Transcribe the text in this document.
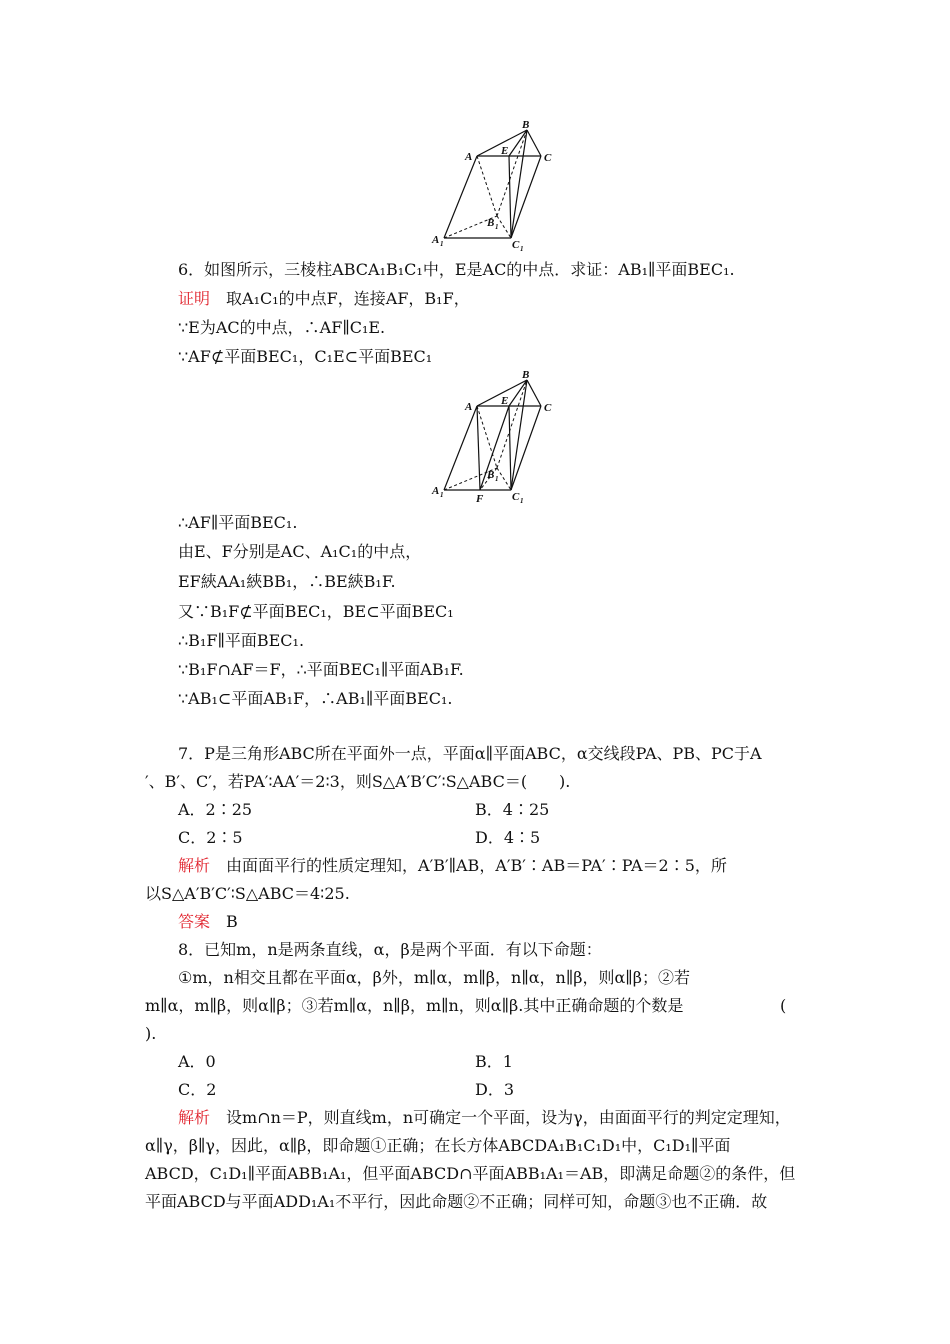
A
B
C
E
A 1
B 1
C 1
6．如图所示，三棱柱ABCA₁B₁C₁中，E是AC的中点．求证：AB₁∥平面BEC₁.
证明　 取A₁C₁的中点F，连接AF，B₁F，
∵E为AC的中点，∴AF∥C₁E.
∵AF⊄平面BEC₁，C₁E⊂平面BEC₁
A
B
C
E
F
A 1
B 1
C 1
∴AF∥平面BEC₁.
由E、F分别是AC、A₁C₁的中点，
EF綊AA₁綊BB₁，∴BE綊B₁F.
又∵B₁F⊄平面BEC₁，BE⊂平面BEC₁
∴B₁F∥平面BEC₁.
∵B₁F∩AF＝F，∴平面BEC₁∥平面AB₁F.
∵AB₁⊂平面AB₁F，∴AB₁∥平面BEC₁.
7．P是三角形ABC所在平面外一点，平面α∥平面ABC，α交线段PA、PB、PC于A
′、B′、C′，若PA′∶AA′＝2∶3，则S△A′B′C′∶S△ABC＝(　　).
A．2∶25	B．4∶25
C．2∶5	D．4∶5
解析　 由面面平行的性质定理知，A′B′∥AB，A′B′∶AB＝PA′∶PA＝2∶5，所
以S△A′B′C′∶S△ABC＝4∶25.
答案　 B
8．已知m，n是两条直线，α，β是两个平面．有以下命题：
①m，n相交且都在平面α，β外，m∥α，m∥β，n∥α，n∥β，则α∥β；②若
m∥α，m∥β，则α∥β；③若m∥α，n∥β，m∥n，则α∥β.其中正确命题的个数是	(
).
A．0	B．1
C．2	D．3
解析　 设m∩n＝P，则直线m，n可确定一个平面，设为γ，由面面平行的判定定理知，
α∥γ，β∥γ，因此，α∥β，即命题①正确；在长方体ABCDA₁B₁C₁D₁中，C₁D₁∥平面
ABCD，C₁D₁∥平面ABB₁A₁，但平面ABCD∩平面ABB₁A₁＝AB，即满足命题②的条件，但
平面ABCD与平面ADD₁A₁不平行，因此命题②不正确；同样可知，命题③也不正确．故
